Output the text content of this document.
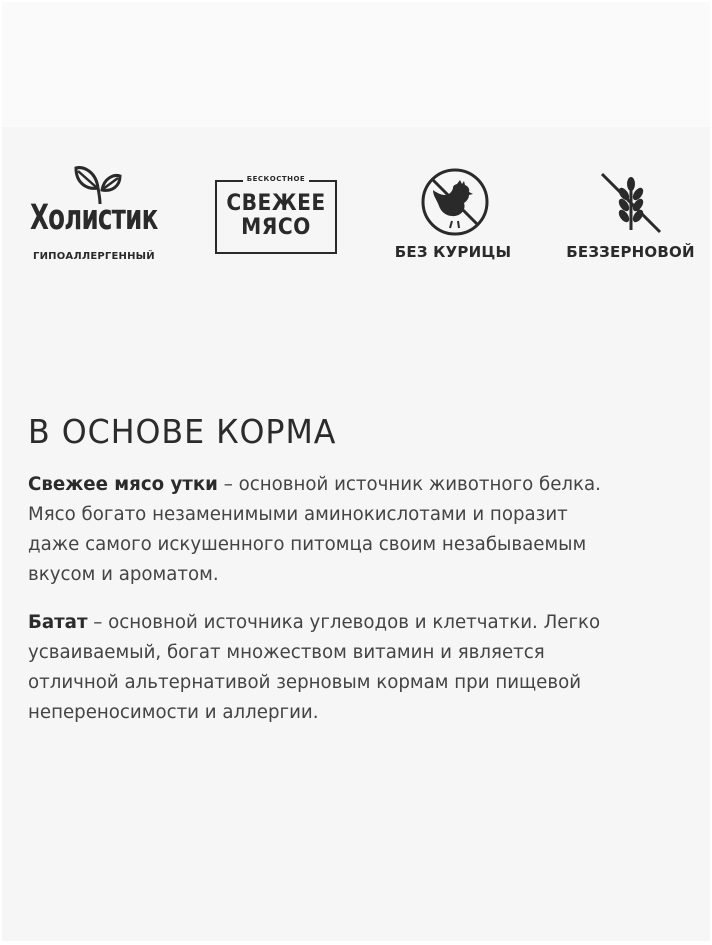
Холистик
ГИПОАЛЛЕРГЕННЫЙ
БЕСКОСТНОЕ
СВЕЖЕЕ
МЯСО
БЕЗ КУРИЦЫ	БЕЗЗЕРНОВОЙ
В ОСНОВЕ КОРМА

Свежее мясо утки – основной источник животного белка.
Мясо богато незаменимыми аминокислотами и поразит
даже самого искушенного питомца своим незабываемым
вкусом и ароматом.

Батат – основной источника углеводов и клетчатки. Легко
усваиваемый, богат множеством витамин и является
отличной альтернативой зерновым кормам при пищевой
непереносимости и аллергии.
